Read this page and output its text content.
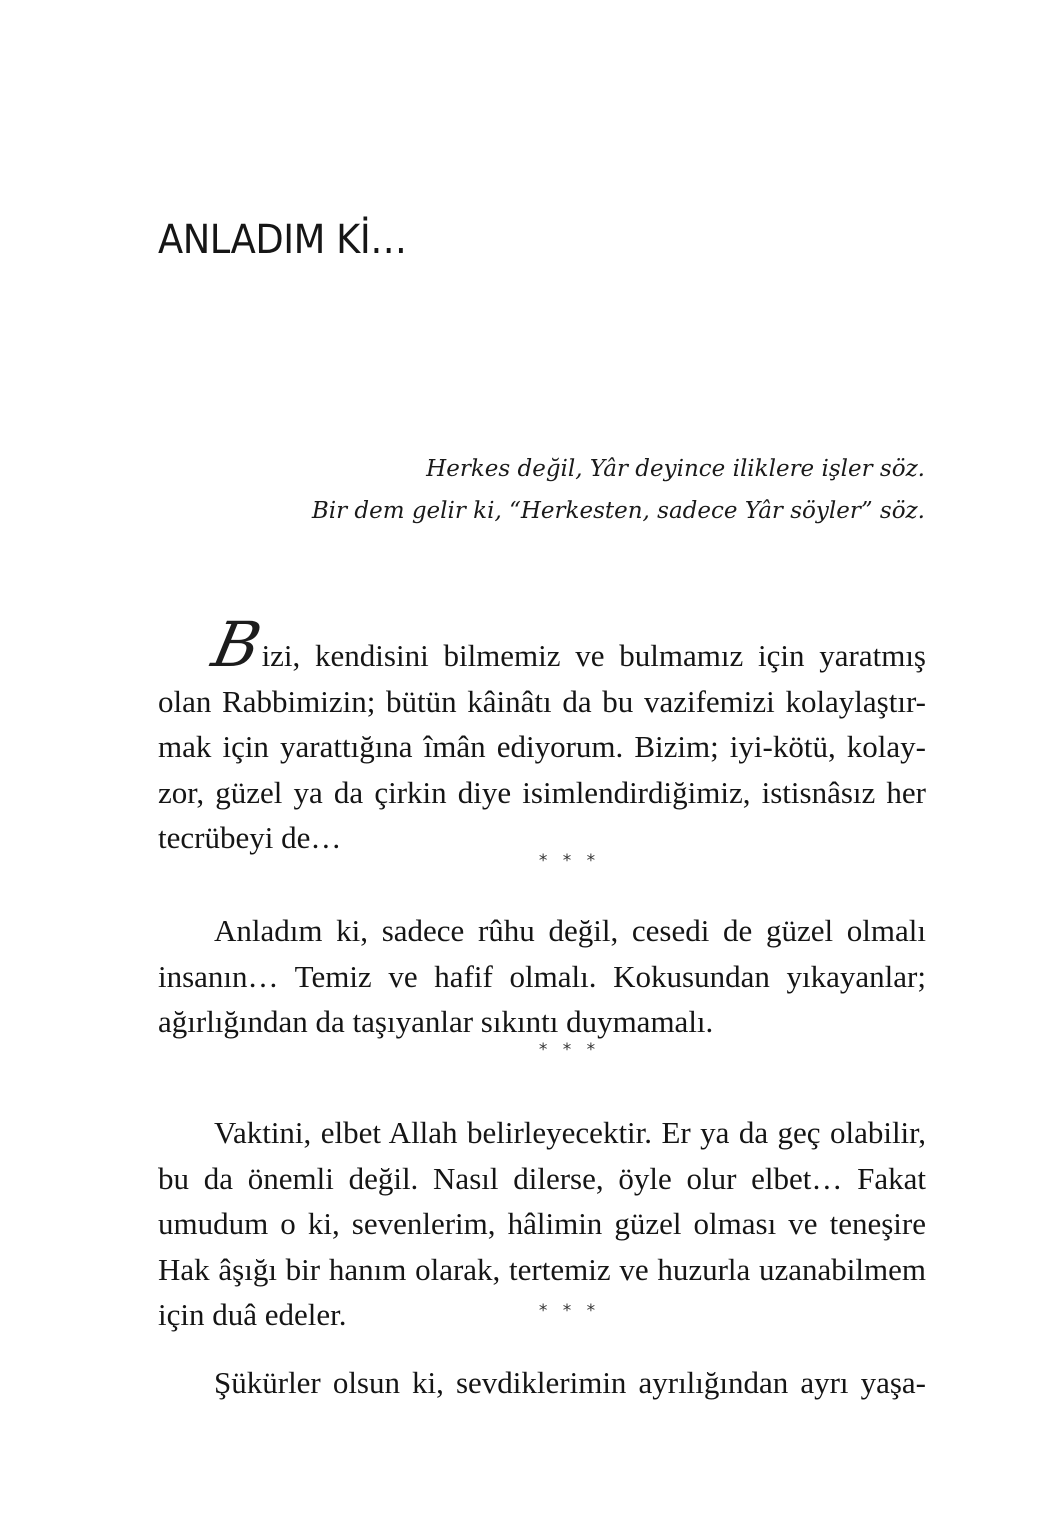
ANLADIM Kİ…
Herkes değil, Yâr deyince iliklere işler söz.
Bir dem gelir ki, “Herkesten, sadece Yâr söyler” söz.
Bizi, kendisini bilmemiz ve bulmamız için yaratmış
olan Rabbimizin; bütün kâinâtı da bu vazifemizi kolaylaştır-
mak için yarattığına îmân ediyorum. Bizim; iyi-kötü, kolay-
zor, güzel ya da çirkin diye isimlendirdiğimiz, istisnâsız her
tecrübeyi de…
* * *
Anladım ki, sadece rûhu değil, cesedi de güzel olmalı
insanın… Temiz ve hafif olmalı. Kokusundan yıkayanlar;
ağırlığından da taşıyanlar sıkıntı duymamalı.
* * *
Vaktini, elbet Allah belirleyecektir. Er ya da geç olabilir,
bu da önemli değil. Nasıl dilerse, öyle olur elbet… Fakat
umudum o ki, sevenlerim, hâlimin güzel olması ve teneşire
Hak âşığı bir hanım olarak, tertemiz ve huzurla uzanabilmem
için duâ edeler.	* * *
Şükürler olsun ki, sevdiklerimin ayrılığından ayrı yaşa-
